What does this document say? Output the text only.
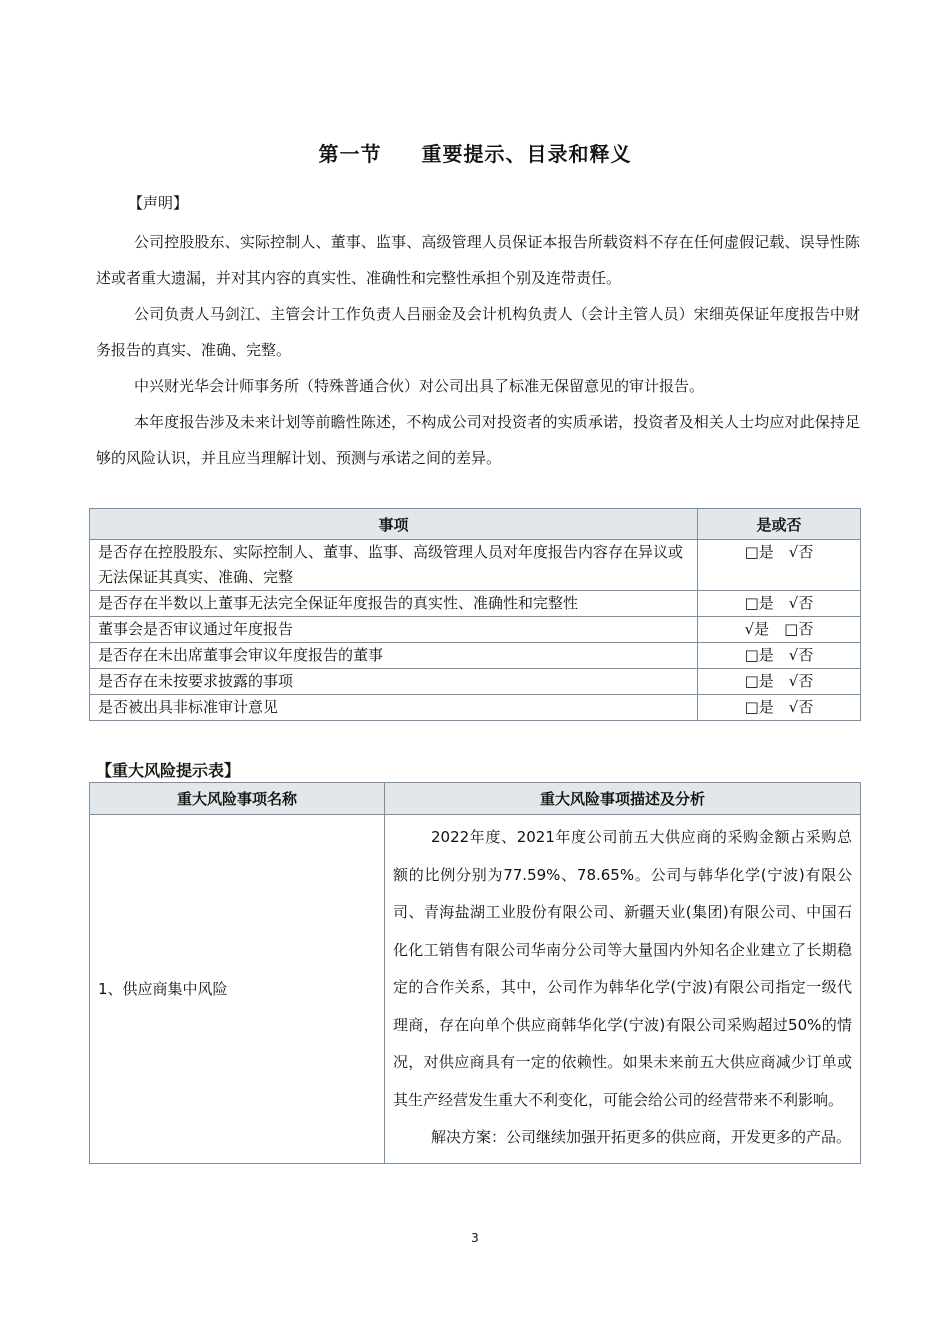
第一节 重要提示、目录和释义
【声明】
公司控股股东、实际控制人、董事、监事、高级管理人员保证本报告所载资料不存在任何虚假记载、误导性陈述或者重大遗漏，并对其内容的真实性、准确性和完整性承担个别及连带责任。
公司负责人马剑江、主管会计工作负责人吕丽金及会计机构负责人（会计主管人员）宋细英保证年度报告中财务报告的真实、准确、完整。
中兴财光华会计师事务所（特殊普通合伙）对公司出具了标准无保留意见的审计报告。
本年度报告涉及未来计划等前瞻性陈述，不构成公司对投资者的实质承诺，投资者及相关人士均应对此保持足够的风险认识，并且应当理解计划、预测与承诺之间的差异。
事项	是或否
是否存在控股股东、实际控制人、董事、监事、高级管理人员对年度报告内容存在异议或无法保证其真实、准确、完整	□是　√否
是否存在半数以上董事无法完全保证年度报告的真实性、准确性和完整性	□是　√否
董事会是否审议通过年度报告	√是　□否
是否存在未出席董事会审议年度报告的董事	□是　√否
是否存在未按要求披露的事项	□是　√否
是否被出具非标准审计意见	□是　√否
【重大风险提示表】
重大风险事项名称	重大风险事项描述及分析
1、供应商集中风险	2022年度、2021年度公司前五大供应商的采购金额占采购总额的比例分别为77.59%、78.65%。公司与韩华化学(宁波)有限公司、青海盐湖工业股份有限公司、新疆天业(集团)有限公司、中国石化化工销售有限公司华南分公司等大量国内外知名企业建立了长期稳定的合作关系，其中，公司作为韩华化学(宁波)有限公司指定一级代理商，存在向单个供应商韩华化学(宁波)有限公司采购超过50%的情况，对供应商具有一定的依赖性。如果未来前五大供应商减少订单或其生产经营发生重大不利变化，可能会给公司的经营带来不利影响。

解决方案：公司继续加强开拓更多的供应商，开发更多的产品。

3
